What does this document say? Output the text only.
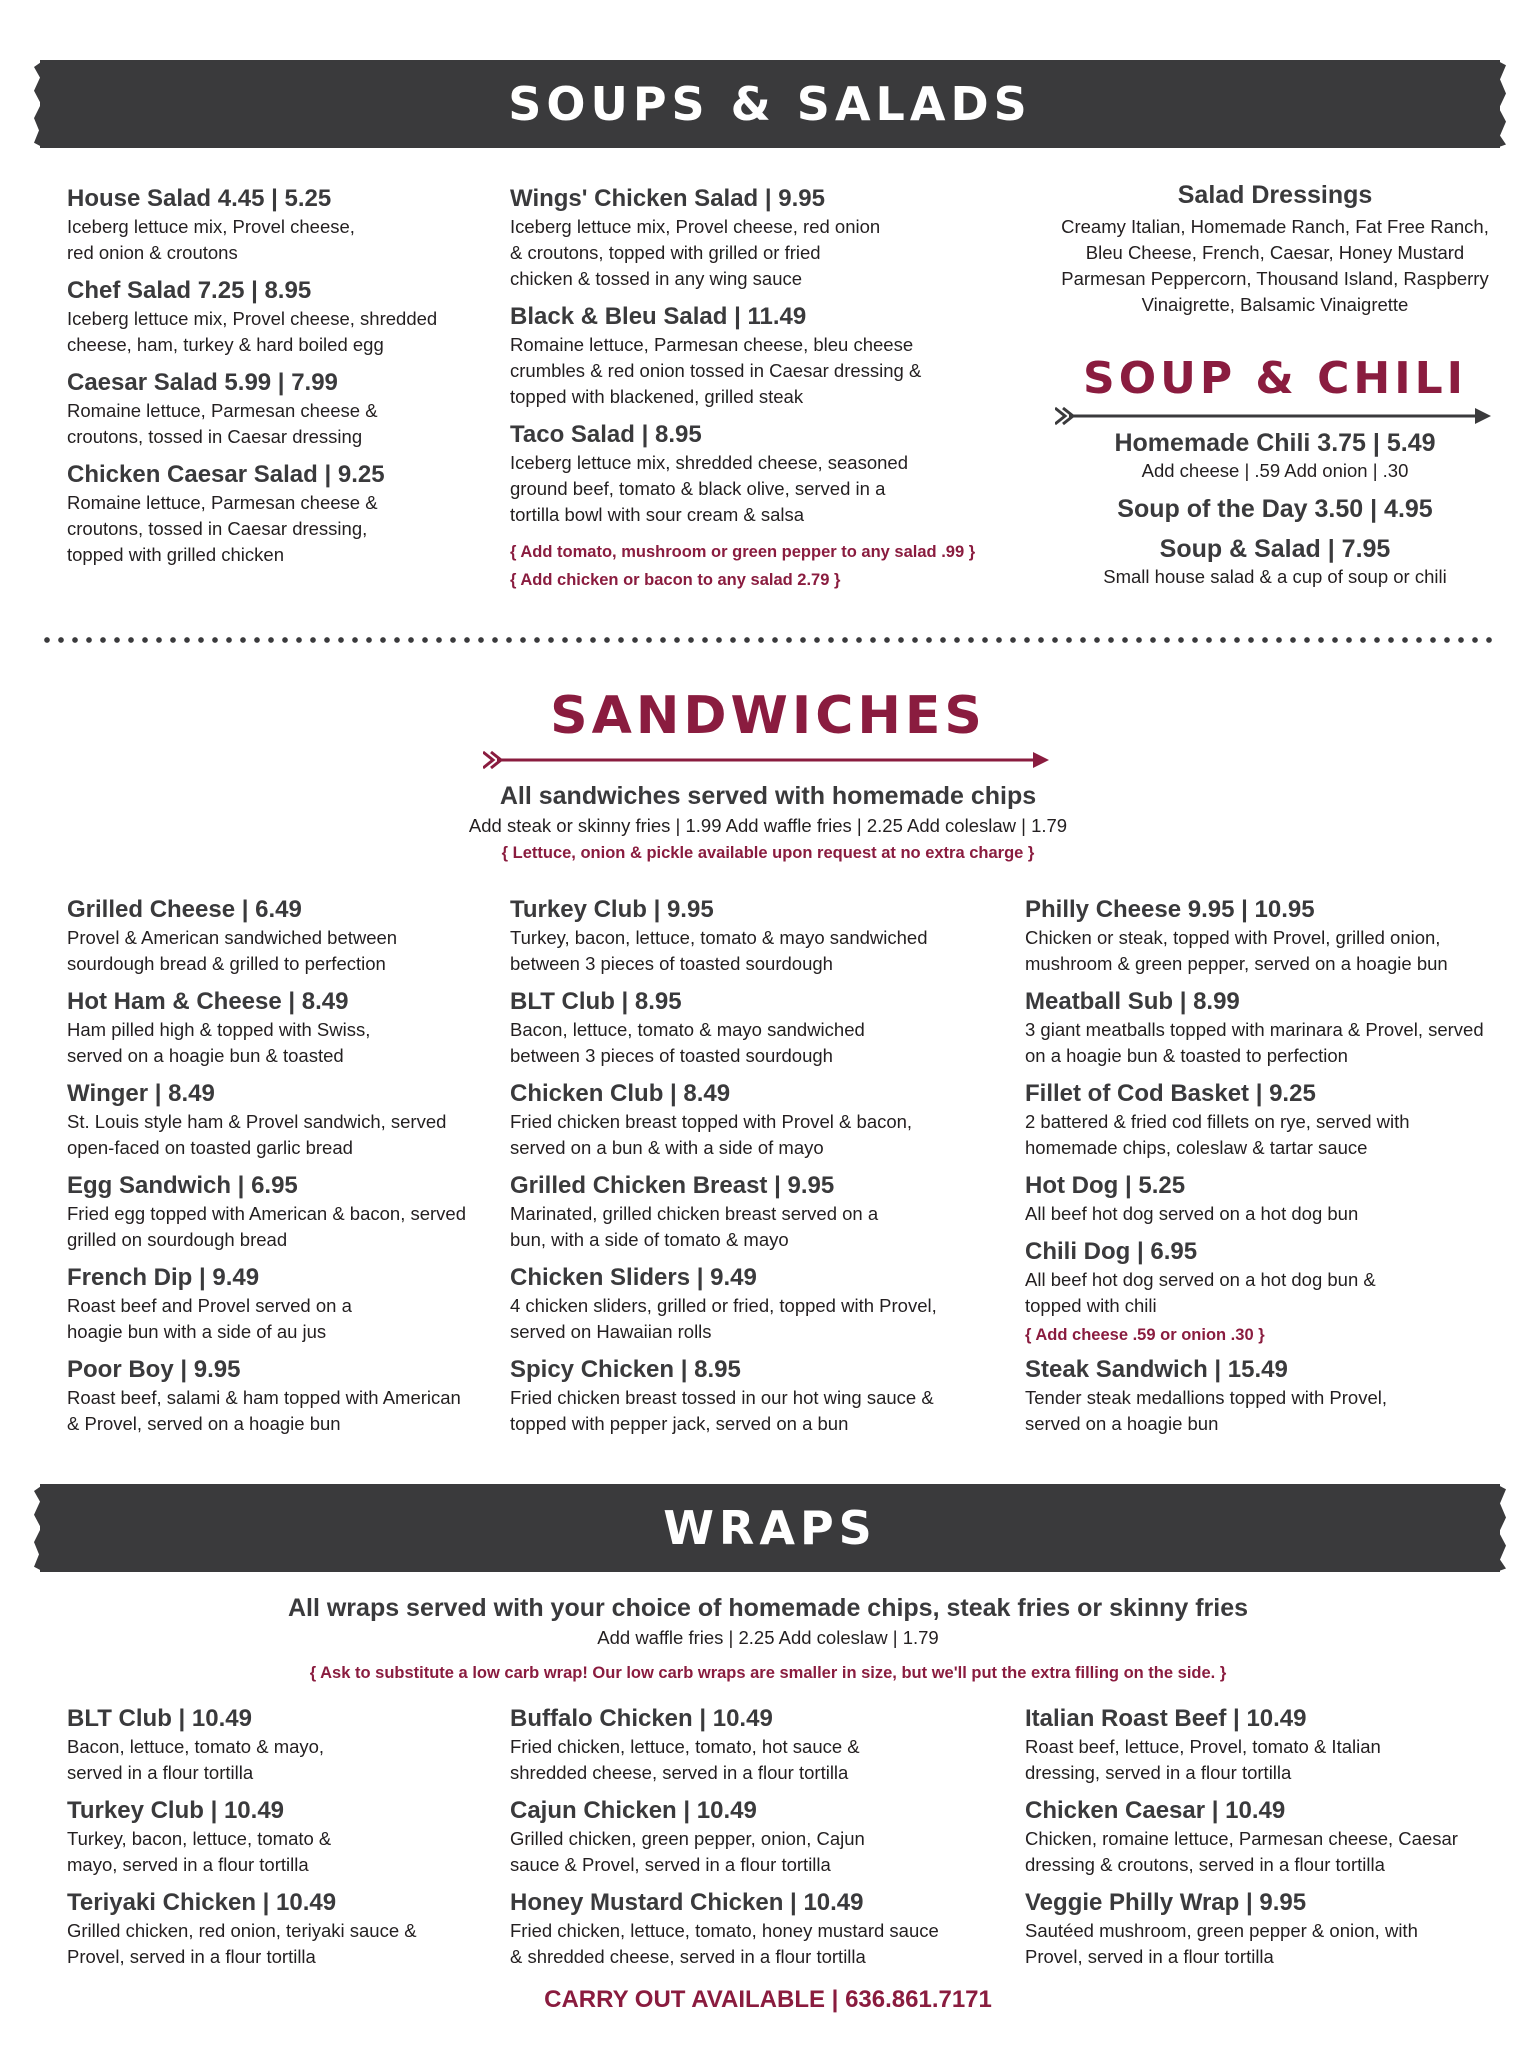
SOUPS & SALADS
House Salad 4.45 | 5.25
Iceberg lettuce mix, Provel cheese, red onion & croutons
Chef Salad 7.25 | 8.95
Iceberg lettuce mix, Provel cheese, shredded cheese, ham, turkey & hard boiled egg
Caesar Salad 5.99 | 7.99
Romaine lettuce, Parmesan cheese & croutons, tossed in Caesar dressing
Chicken Caesar Salad | 9.25
Romaine lettuce, Parmesan cheese & croutons, tossed in Caesar dressing, topped with grilled chicken
Wings' Chicken Salad | 9.95
Iceberg lettuce mix, Provel cheese, red onion & croutons, topped with grilled or fried chicken & tossed in any wing sauce
Black & Bleu Salad | 11.49
Romaine lettuce, Parmesan cheese, bleu cheese crumbles & red onion tossed in Caesar dressing & topped with blackened, grilled steak
Taco Salad | 8.95
Iceberg lettuce mix, shredded cheese, seasoned ground beef, tomato & black olive, served in a tortilla bowl with sour cream & salsa
{ Add tomato, mushroom or green pepper to any salad .99 }
{ Add chicken or bacon to any salad 2.79 }
Salad Dressings
Creamy Italian, Homemade Ranch, Fat Free Ranch, Bleu Cheese, French, Caesar, Honey Mustard Parmesan Peppercorn, Thousand Island, Raspberry Vinaigrette, Balsamic Vinaigrette
SOUP & CHILI
Homemade Chili 3.75 | 5.49
Add cheese | .59 Add onion | .30
Soup of the Day 3.50 | 4.95
Soup & Salad | 7.95
Small house salad & a cup of soup or chili
SANDWICHES
All sandwiches served with homemade chips
Add steak or skinny fries | 1.99 Add waffle fries | 2.25 Add coleslaw | 1.79
{ Lettuce, onion & pickle available upon request at no extra charge }
Grilled Cheese | 6.49
Provel & American sandwiched between sourdough bread & grilled to perfection
Hot Ham & Cheese | 8.49
Ham pilled high & topped with Swiss, served on a hoagie bun & toasted
Winger | 8.49
St. Louis style ham & Provel sandwich, served open-faced on toasted garlic bread
Egg Sandwich | 6.95
Fried egg topped with American & bacon, served grilled on sourdough bread
French Dip | 9.49
Roast beef and Provel served on a hoagie bun with a side of au jus
Poor Boy | 9.95
Roast beef, salami & ham topped with American & Provel, served on a hoagie bun
Turkey Club | 9.95
Turkey, bacon, lettuce, tomato & mayo sandwiched between 3 pieces of toasted sourdough
BLT Club | 8.95
Bacon, lettuce, tomato & mayo sandwiched between 3 pieces of toasted sourdough
Chicken Club | 8.49
Fried chicken breast topped with Provel & bacon, served on a bun & with a side of mayo
Grilled Chicken Breast | 9.95
Marinated, grilled chicken breast served on a bun, with a side of tomato & mayo
Chicken Sliders | 9.49
4 chicken sliders, grilled or fried, topped with Provel, served on Hawaiian rolls
Spicy Chicken | 8.95
Fried chicken breast tossed in our hot wing sauce & topped with pepper jack, served on a bun
Philly Cheese 9.95 | 10.95
Chicken or steak, topped with Provel, grilled onion, mushroom & green pepper, served on a hoagie bun
Meatball Sub | 8.99
3 giant meatballs topped with marinara & Provel, served on a hoagie bun & toasted to perfection
Fillet of Cod Basket | 9.25
2 battered & fried cod fillets on rye, served with homemade chips, coleslaw & tartar sauce
Hot Dog | 5.25
All beef hot dog served on a hot dog bun
Chili Dog | 6.95
All beef hot dog served on a hot dog bun & topped with chili
{ Add cheese .59 or onion .30 }
Steak Sandwich | 15.49
Tender steak medallions topped with Provel, served on a hoagie bun
WRAPS
All wraps served with your choice of homemade chips, steak fries or skinny fries
Add waffle fries | 2.25 Add coleslaw | 1.79
{ Ask to substitute a low carb wrap! Our low carb wraps are smaller in size, but we'll put the extra filling on the side. }
BLT Club | 10.49
Bacon, lettuce, tomato & mayo, served in a flour tortilla
Turkey Club | 10.49
Turkey, bacon, lettuce, tomato & mayo, served in a flour tortilla
Teriyaki Chicken | 10.49
Grilled chicken, red onion, teriyaki sauce & Provel, served in a flour tortilla
Buffalo Chicken | 10.49
Fried chicken, lettuce, tomato, hot sauce & shredded cheese, served in a flour tortilla
Cajun Chicken | 10.49
Grilled chicken, green pepper, onion, Cajun sauce & Provel, served in a flour tortilla
Honey Mustard Chicken | 10.49
Fried chicken, lettuce, tomato, honey mustard sauce & shredded cheese, served in a flour tortilla
Italian Roast Beef | 10.49
Roast beef, lettuce, Provel, tomato & Italian dressing, served in a flour tortilla
Chicken Caesar | 10.49
Chicken, romaine lettuce, Parmesan cheese, Caesar dressing & croutons, served in a flour tortilla
Veggie Philly Wrap | 9.95
Sautéed mushroom, green pepper & onion, with Provel, served in a flour tortilla
CARRY OUT AVAILABLE | 636.861.7171
